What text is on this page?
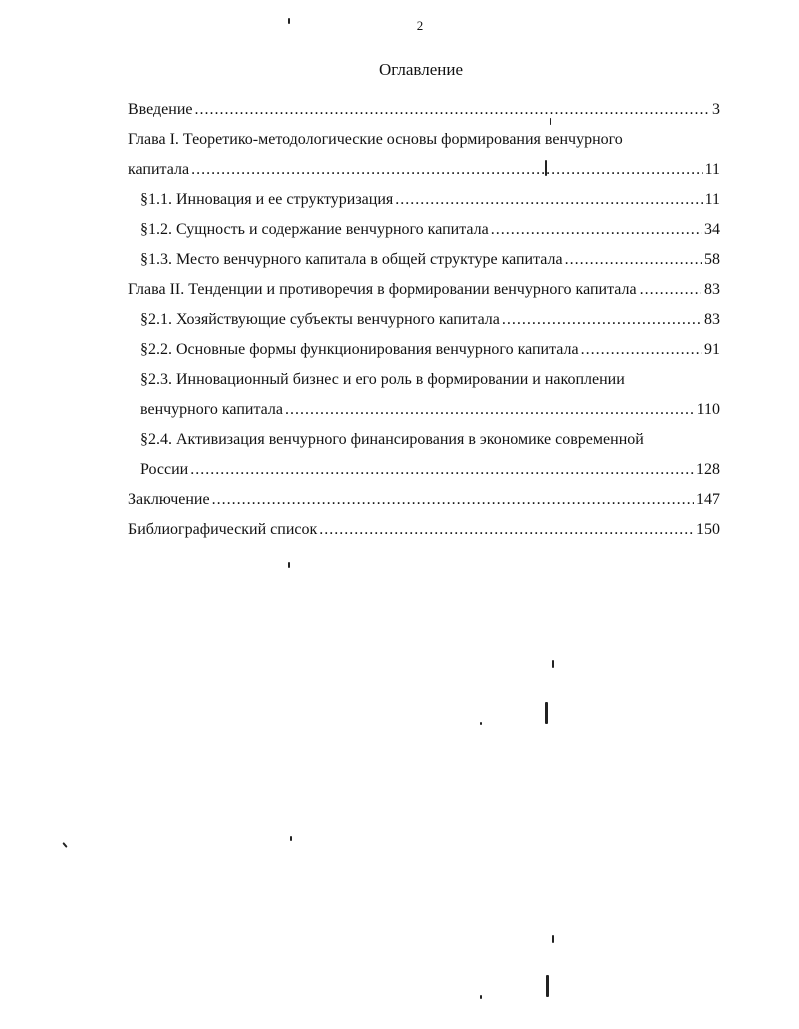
2
Оглавление
Введение .....	3
Глава I. Теоретико-методологические основы формирования венчурного
капитала .....	11
§1.1. Инновация и ее структуризация .....	11
§1.2. Сущность и содержание венчурного капитала .....	34
§1.3. Место венчурного капитала в общей структуре капитала .....	58
Глава II. Тенденции и противоречия в формировании венчурного капитала .....	83
§2.1. Хозяйствующие субъекты венчурного капитала .....	83
§2.2. Основные формы функционирования венчурного капитала .....	91
§2.3. Инновационный бизнес и его роль в формировании и накоплении
венчурного капитала .....	110
§2.4. Активизация венчурного финансирования в экономике современной
России .....	128
Заключение .....	147
Библиографический список .....	150
